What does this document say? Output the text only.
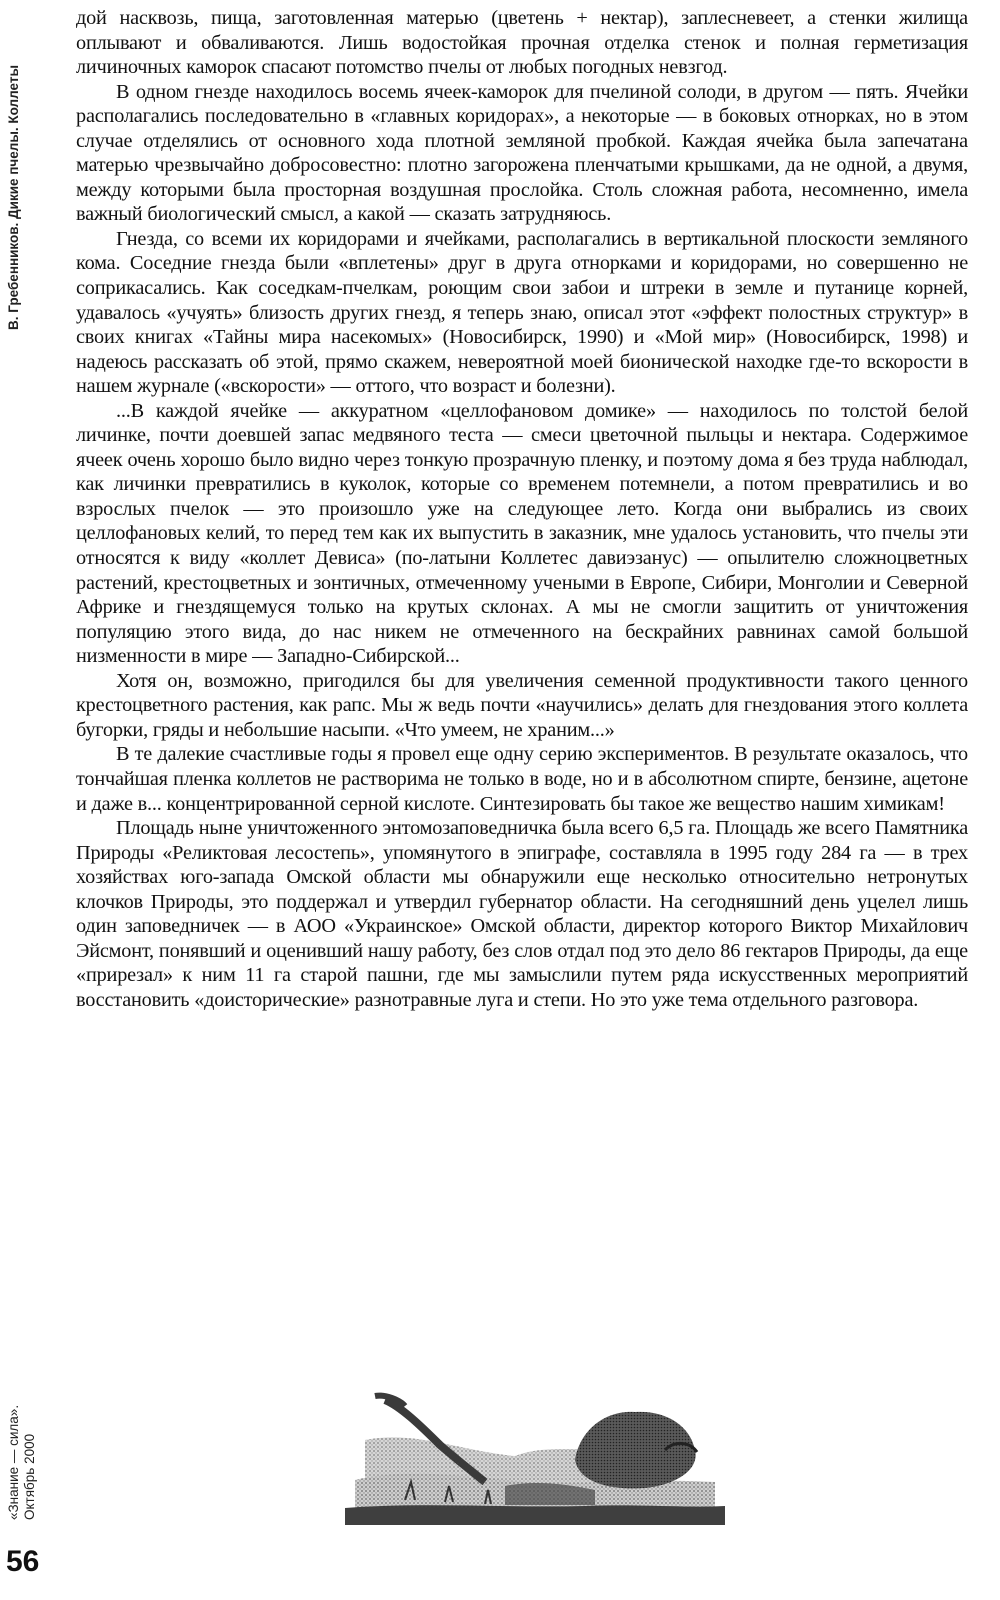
В. Гребенников. Дикие пчелы. Коллеты

дой насквозь, пища, заготовленная матерью (цветень + нектар), заплесневеет, а стенки жилища оплывают и обваливаются. Лишь водостойкая прочная отделка стенок и полная герметизация личиночных каморок спасают потомство пчелы от любых погодных невзгод.

В одном гнезде находилось восемь ячеек-каморок для пчелиной солоди, в другом — пять. Ячейки располагались последовательно в «главных коридорах», а некоторые — в боковых отнорках, но в этом случае отделялись от основного хода плотной земляной пробкой. Каждая ячейка была запечатана матерью чрезвычайно добросовестно: плотно загорожена пленчатыми крышками, да не одной, а двумя, между которыми была просторная воздушная прослойка. Столь сложная работа, несомненно, имела важный биологический смысл, а какой — сказать затрудняюсь.

Гнезда, со всеми их коридорами и ячейками, располагались в вертикальной плоскости земляного кома. Соседние гнезда были «вплетены» друг в друга отнорками и коридорами, но совершенно не соприкасались. Как соседкам-пчелкам, роющим свои забои и штреки в земле и путанице корней, удавалось «учуять» близость других гнезд, я теперь знаю, описал этот «эффект полостных структур» в своих книгах «Тайны мира насекомых» (Новосибирск, 1990) и «Мой мир» (Новосибирск, 1998) и надеюсь рассказать об этой, прямо скажем, невероятной моей бионической находке где-то вскорости в нашем журнале («вскорости» — оттого, что возраст и болезни).

...В каждой ячейке — аккуратном «целлофановом домике» — находилось по толстой белой личинке, почти доевшей запас медвяного теста — смеси цветочной пыльцы и нектара. Содержимое ячеек очень хорошо было видно через тонкую прозрачную пленку, и поэтому дома я без труда наблюдал, как личинки превратились в куколок, которые со временем потемнели, а потом превратились и во взрослых пчелок — это произошло уже на следующее лето. Когда они выбрались из своих целлофановых келий, то перед тем как их выпустить в заказник, мне удалось установить, что пчелы эти относятся к виду «коллет Девиса» (по-латыни Коллетес давиэзанус) — опылителю сложноцветных растений, крестоцветных и зонтичных, отмеченному учеными в Европе, Сибири, Монголии и Северной Африке и гнездящемуся только на крутых склонах. А мы не смогли защитить от уничтожения популяцию этого вида, до нас никем не отмеченного на бескрайних равнинах самой большой низменности в мире — Западно-Сибирской...

Хотя он, возможно, пригодился бы для увеличения семенной продуктивности такого ценного крестоцветного растения, как рапс. Мы ж ведь почти «научились» делать для гнездования этого коллета бугорки, гряды и небольшие насыпи. «Что умеем, не храним...»

В те далекие счастливые годы я провел еще одну серию экспериментов. В результате оказалось, что тончайшая пленка коллетов не растворима не только в воде, но и в абсолютном спирте, бензине, ацетоне и даже в... концентрированной серной кислоте. Синтезировать бы такое же вещество нашим химикам!

Площадь ныне уничтоженного энтомозаповедничка была всего 6,5 га. Площадь же всего Памятника Природы «Реликтовая лесостепь», упомянутого в эпиграфе, составляла в 1995 году 284 га — в трех хозяйствах юго-запада Омской области мы обнаружили еще несколько относительно нетронутых клочков Природы, это поддержал и утвердил губернатор области. На сегодняшний день уцелел лишь один заповедничек — в АОО «Украинское» Омской области, директор которого Виктор Михайлович Эйсмонт, понявший и оценивший нашу работу, без слов отдал под это дело 86 гектаров Природы, да еще «прирезал» к ним 11 га старой пашни, где мы замыслили путем ряда искусственных мероприятий восстановить «доисторические» разнотравные луга и степи. Но это уже тема отдельного разговора.

«Знание — сила». Октябрь 2000
56
